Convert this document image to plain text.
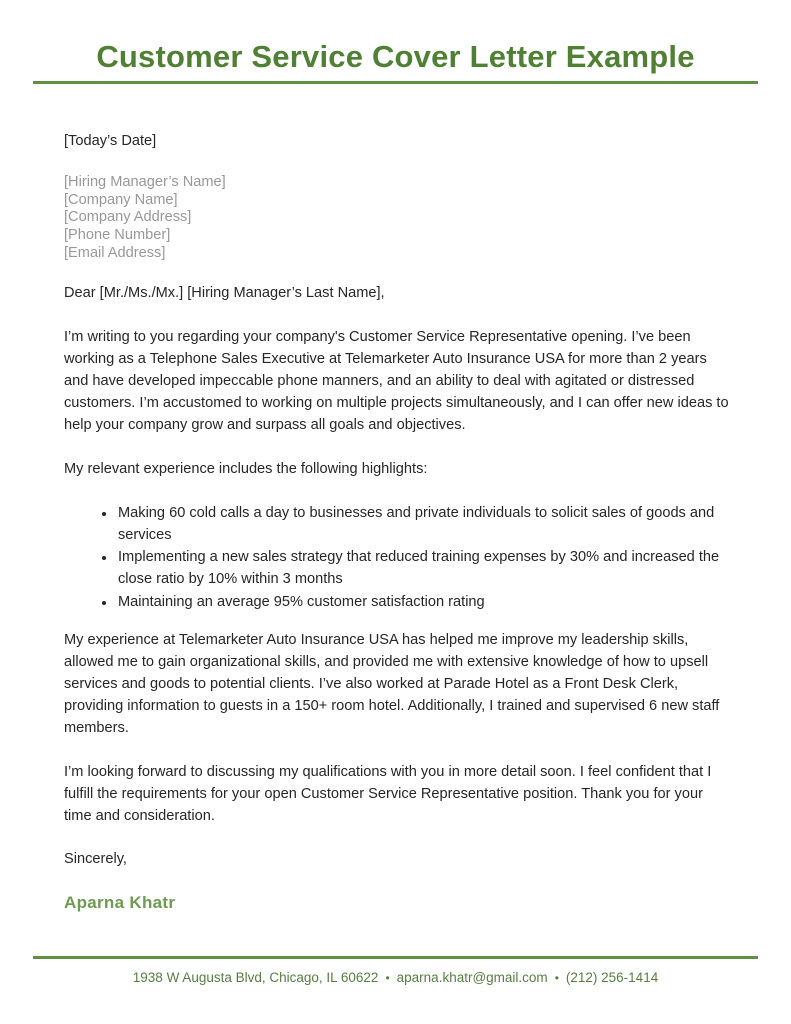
Customer Service Cover Letter Example
[Today’s Date]
[Hiring Manager’s Name]
[Company Name]
[Company Address]
[Phone Number]
[Email Address]
Dear [Mr./Ms./Mx.] [Hiring Manager’s Last Name],

I’m writing to you regarding your company's Customer Service Representative opening. I’ve been working as a Telephone Sales Executive at Telemarketer Auto Insurance USA for more than 2 years and have developed impeccable phone manners, and an ability to deal with agitated or distressed customers. I’m accustomed to working on multiple projects simultaneously, and I can offer new ideas to help your company grow and surpass all goals and objectives.

My relevant experience includes the following highlights:

• Making 60 cold calls a day to businesses and private individuals to solicit sales of goods and services
• Implementing a new sales strategy that reduced training expenses by 30% and increased the close ratio by 10% within 3 months
• Maintaining an average 95% customer satisfaction rating

My experience at Telemarketer Auto Insurance USA has helped me improve my leadership skills, allowed me to gain organizational skills, and provided me with extensive knowledge of how to upsell services and goods to potential clients. I’ve also worked at Parade Hotel as a Front Desk Clerk, providing information to guests in a 150+ room hotel. Additionally, I trained and supervised 6 new staff members.

I’m looking forward to discussing my qualifications with you in more detail soon. I feel confident that I fulfill the requirements for your open Customer Service Representative position. Thank you for your time and consideration.

Sincerely,
Aparna Khatr
1938 W Augusta Blvd, Chicago, IL 60622 • aparna.khatr@gmail.com • (212) 256-1414
